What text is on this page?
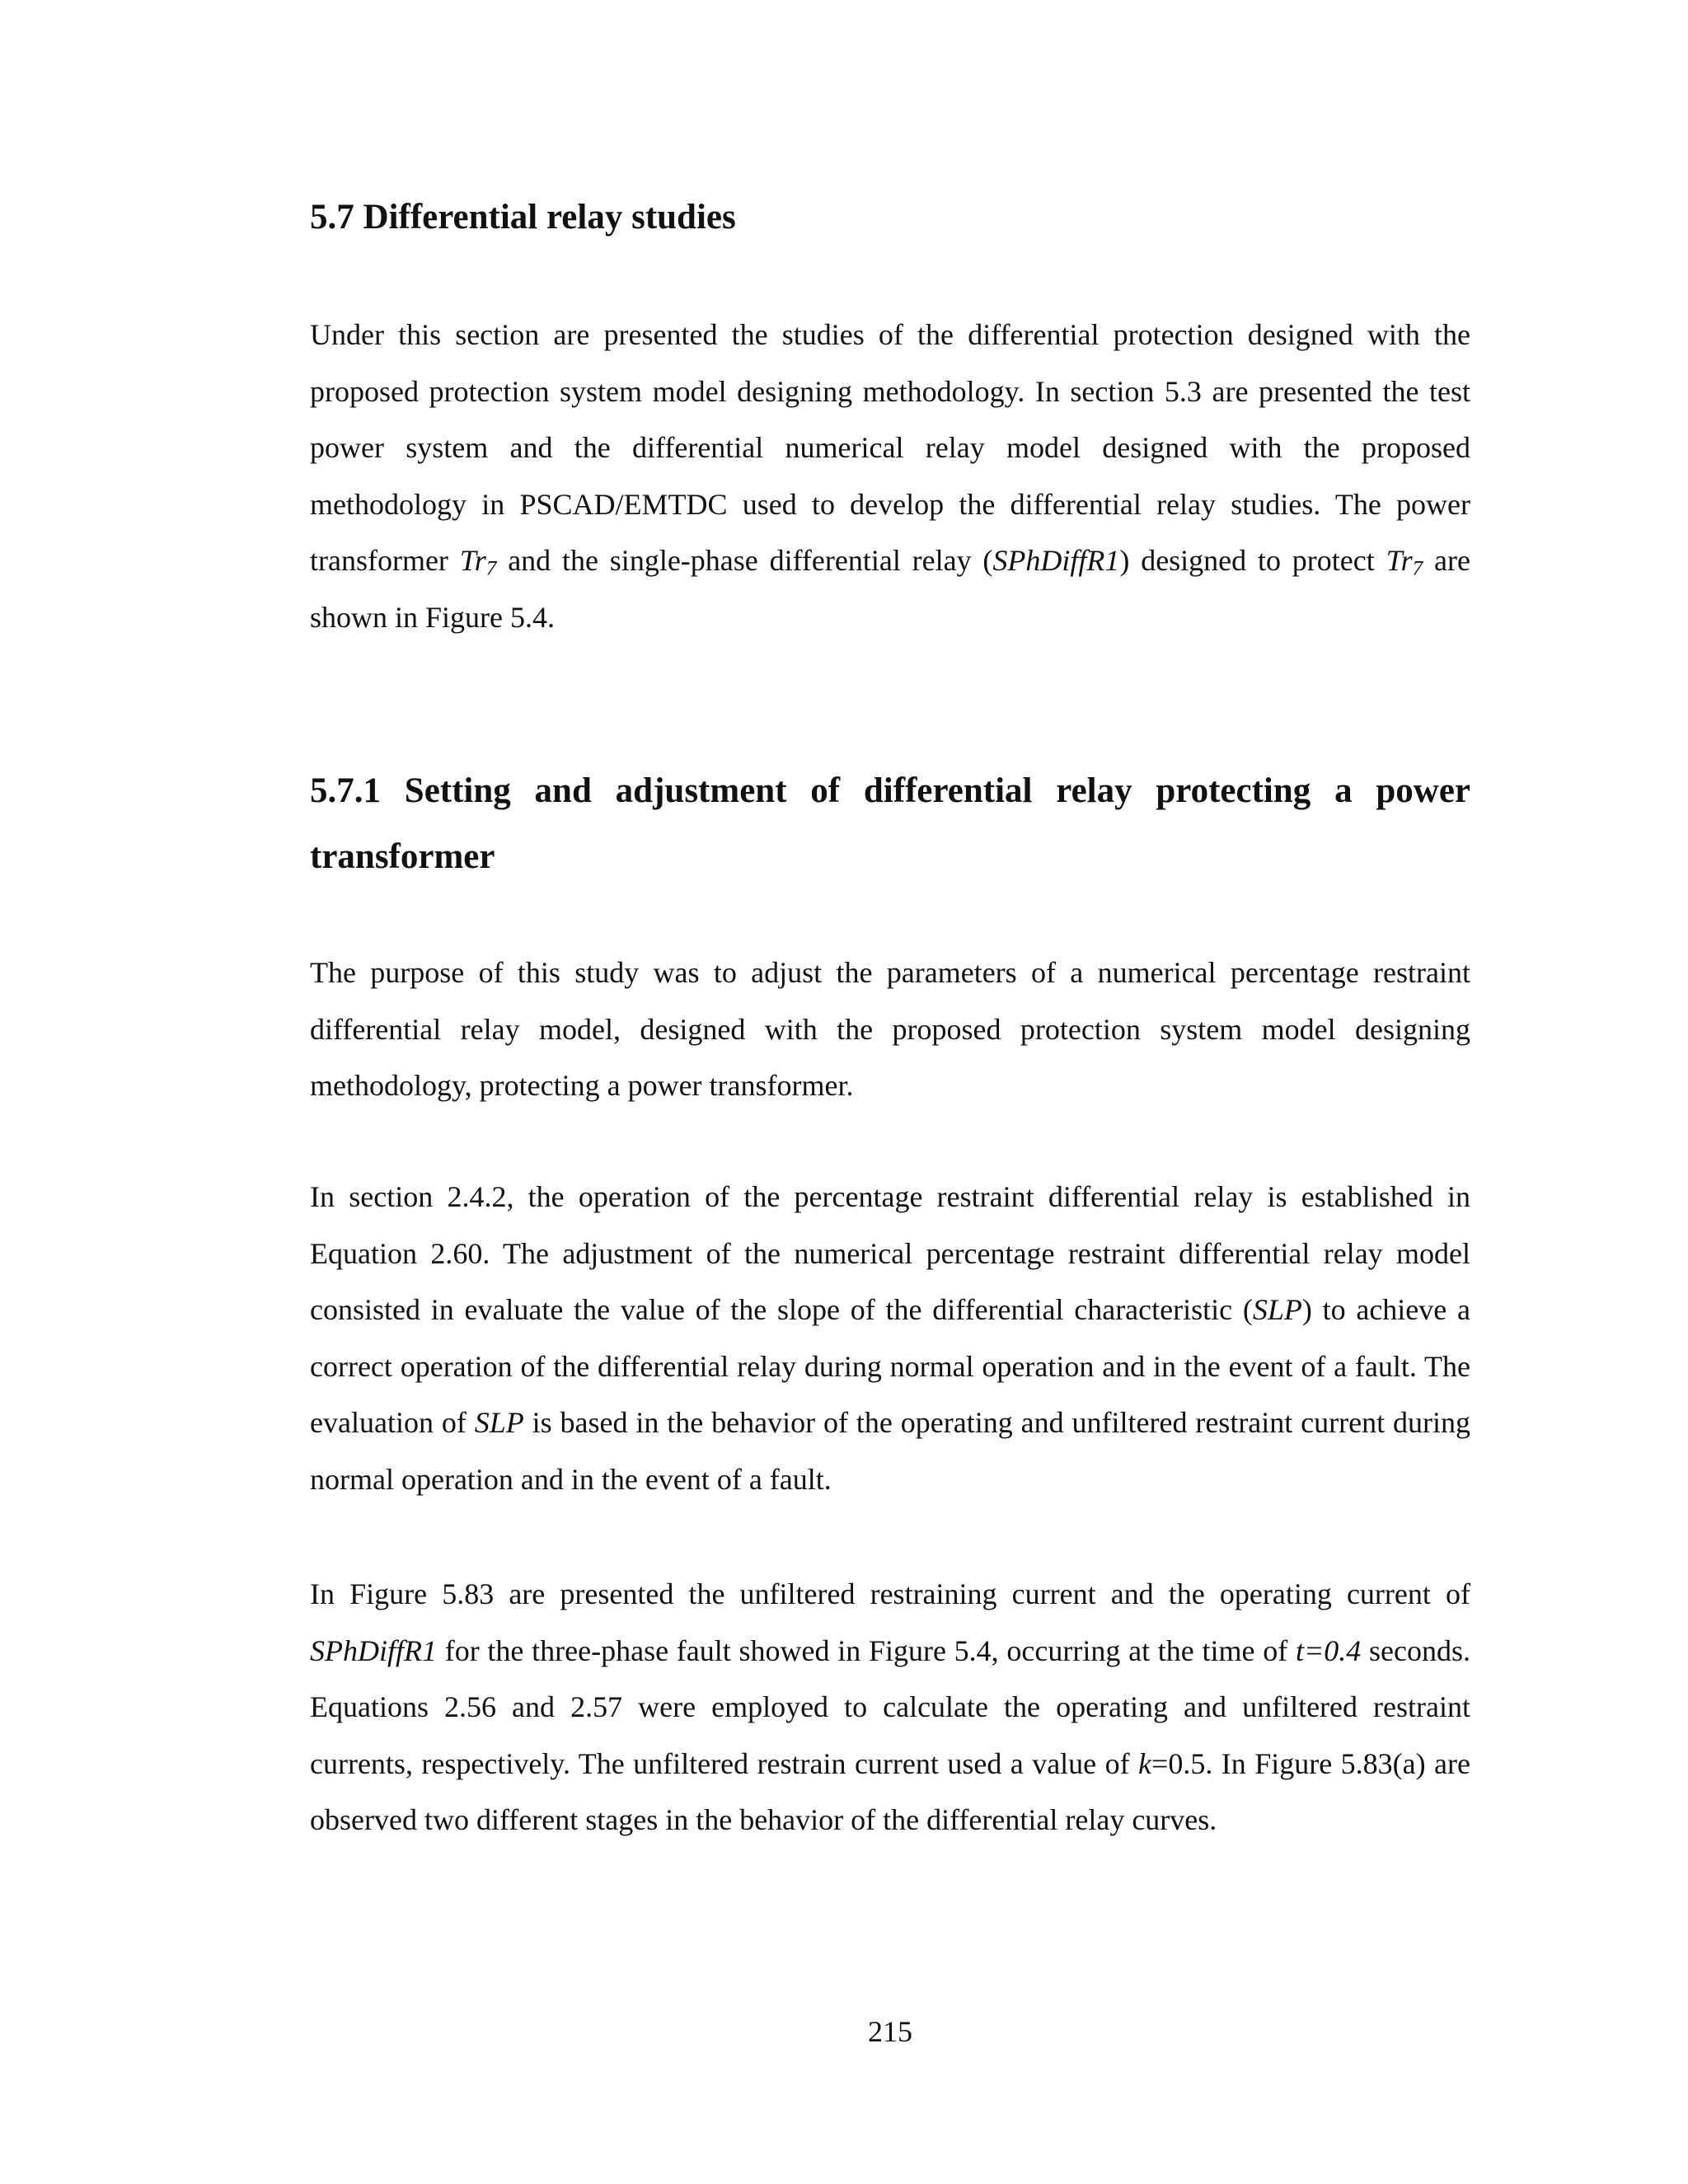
5.7 Differential relay studies

Under this section are presented the studies of the differential protection designed with the proposed protection system model designing methodology. In section 5.3 are presented the test power system and the differential numerical relay model designed with the proposed methodology in PSCAD/EMTDC used to develop the differential relay studies. The power transformer $Tr_7$ and the single-phase differential relay (SPhDiffR1) designed to protect $Tr_7$ are shown in Figure 5.4.

5.7.1 Setting and adjustment of differential relay protecting a power transformer

The purpose of this study was to adjust the parameters of a numerical percentage restraint differential relay model, designed with the proposed protection system model designing methodology, protecting a power transformer.

In section 2.4.2, the operation of the percentage restraint differential relay is established in Equation 2.60. The adjustment of the numerical percentage restraint differential relay model consisted in evaluate the value of the slope of the differential characteristic (SLP) to achieve a correct operation of the differential relay during normal operation and in the event of a fault. The evaluation of SLP is based in the behavior of the operating and unfiltered restraint current during normal operation and in the event of a fault.

In Figure 5.83 are presented the unfiltered restraining current and the operating current of SPhDiffR1 for the three-phase fault showed in Figure 5.4, occurring at the time of t=0.4 seconds. Equations 2.56 and 2.57 were employed to calculate the operating and unfiltered restraint currents, respectively. The unfiltered restrain current used a value of k=0.5. In Figure 5.83(a) are observed two different stages in the behavior of the differential relay curves.

215
